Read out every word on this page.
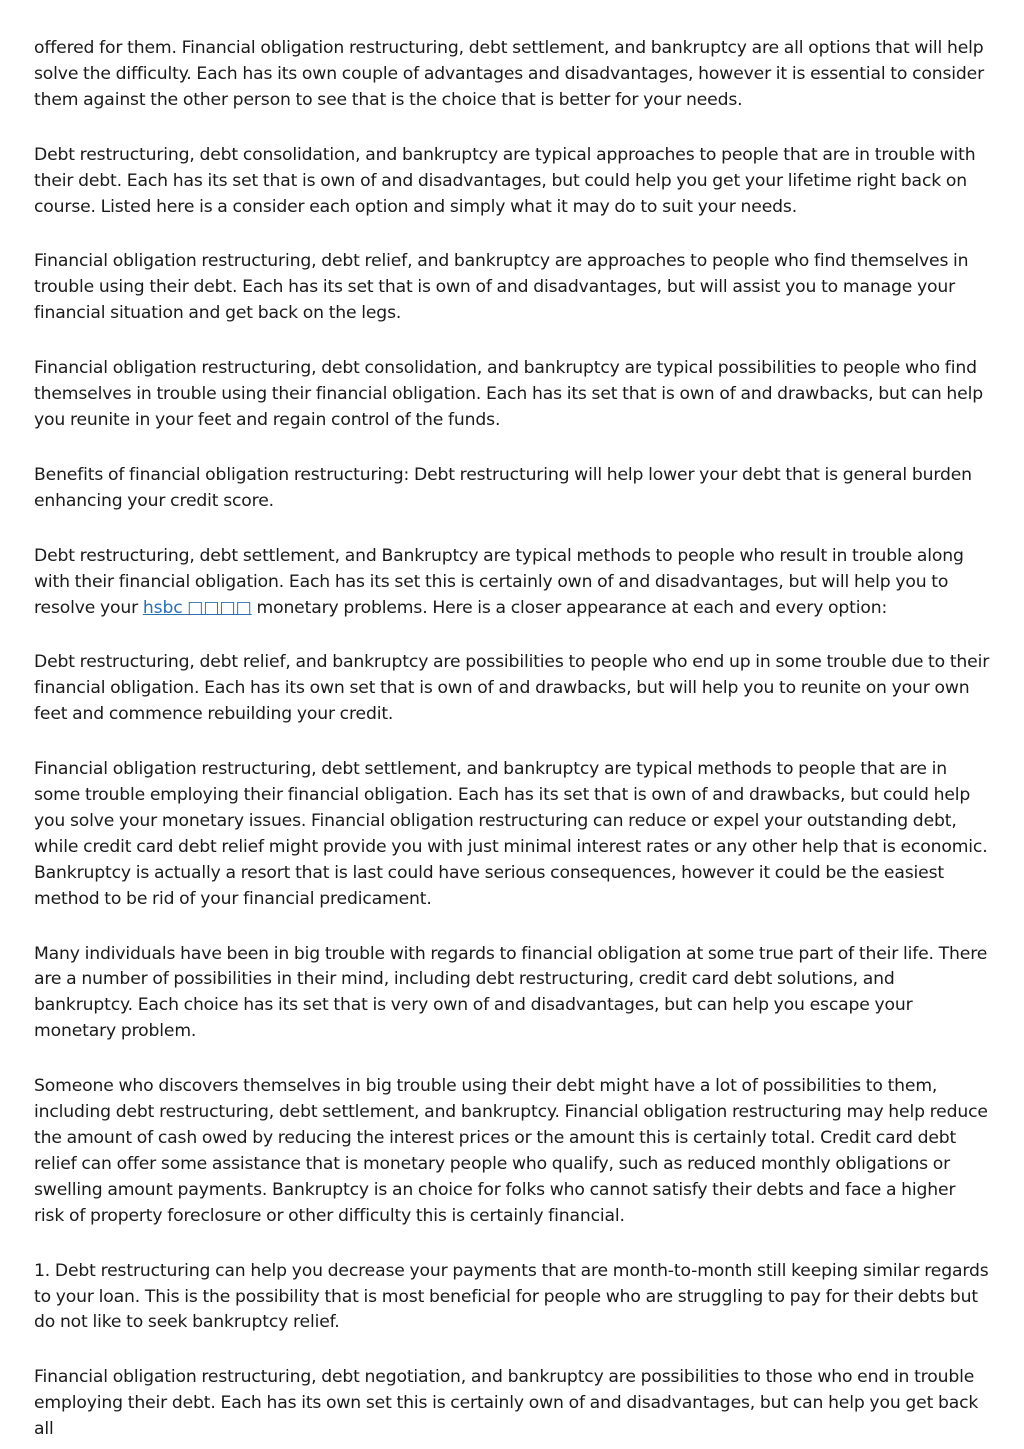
offered for them. Financial obligation restructuring, debt settlement, and bankruptcy are all options that will help solve the difficulty. Each has its own couple of advantages and disadvantages, however it is essential to consider them against the other person to see that is the choice that is better for your needs.

Debt restructuring, debt consolidation, and bankruptcy are typical approaches to people that are in trouble with their debt. Each has its set that is own of and disadvantages, but could help you get your lifetime right back on course. Listed here is a consider each option and simply what it may do to suit your needs.

Financial obligation restructuring, debt relief, and bankruptcy are approaches to people who find themselves in trouble using their debt. Each has its set that is own of and disadvantages, but will assist you to manage your financial situation and get back on the legs.

Financial obligation restructuring, debt consolidation, and bankruptcy are typical possibilities to people who find themselves in trouble using their financial obligation. Each has its set that is own of and drawbacks, but can help you reunite in your feet and regain control of the funds.

Benefits of financial obligation restructuring: Debt restructuring will help lower your debt that is general burden enhancing your credit score.

Debt restructuring, debt settlement, and Bankruptcy are typical methods to people who result in trouble along with their financial obligation. Each has its set this is certainly own of and disadvantages, but will help you to resolve your hsbc □□□□ monetary problems. Here is a closer appearance at each and every option:

Debt restructuring, debt relief, and bankruptcy are possibilities to people who end up in some trouble due to their financial obligation. Each has its own set that is own of and drawbacks, but will help you to reunite on your own feet and commence rebuilding your credit.

Financial obligation restructuring, debt settlement, and bankruptcy are typical methods to people that are in some trouble employing their financial obligation. Each has its set that is own of and drawbacks, but could help you solve your monetary issues. Financial obligation restructuring can reduce or expel your outstanding debt, while credit card debt relief might provide you with just minimal interest rates or any other help that is economic. Bankruptcy is actually a resort that is last could have serious consequences, however it could be the easiest method to be rid of your financial predicament.

Many individuals have been in big trouble with regards to financial obligation at some true part of their life. There are a number of possibilities in their mind, including debt restructuring, credit card debt solutions, and bankruptcy. Each choice has its set that is very own of and disadvantages, but can help you escape your monetary problem.

Someone who discovers themselves in big trouble using their debt might have a lot of possibilities to them, including debt restructuring, debt settlement, and bankruptcy. Financial obligation restructuring may help reduce the amount of cash owed by reducing the interest prices or the amount this is certainly total. Credit card debt relief can offer some assistance that is monetary people who qualify, such as reduced monthly obligations or swelling amount payments. Bankruptcy is an choice for folks who cannot satisfy their debts and face a higher risk of property foreclosure or other difficulty this is certainly financial.

1. Debt restructuring can help you decrease your payments that are month-to-month still keeping similar regards to your loan. This is the possibility that is most beneficial for people who are struggling to pay for their debts but do not like to seek bankruptcy relief.

Financial obligation restructuring, debt negotiation, and bankruptcy are possibilities to those who end in trouble employing their debt. Each has its own set this is certainly own of and disadvantages, but can help you get back all
